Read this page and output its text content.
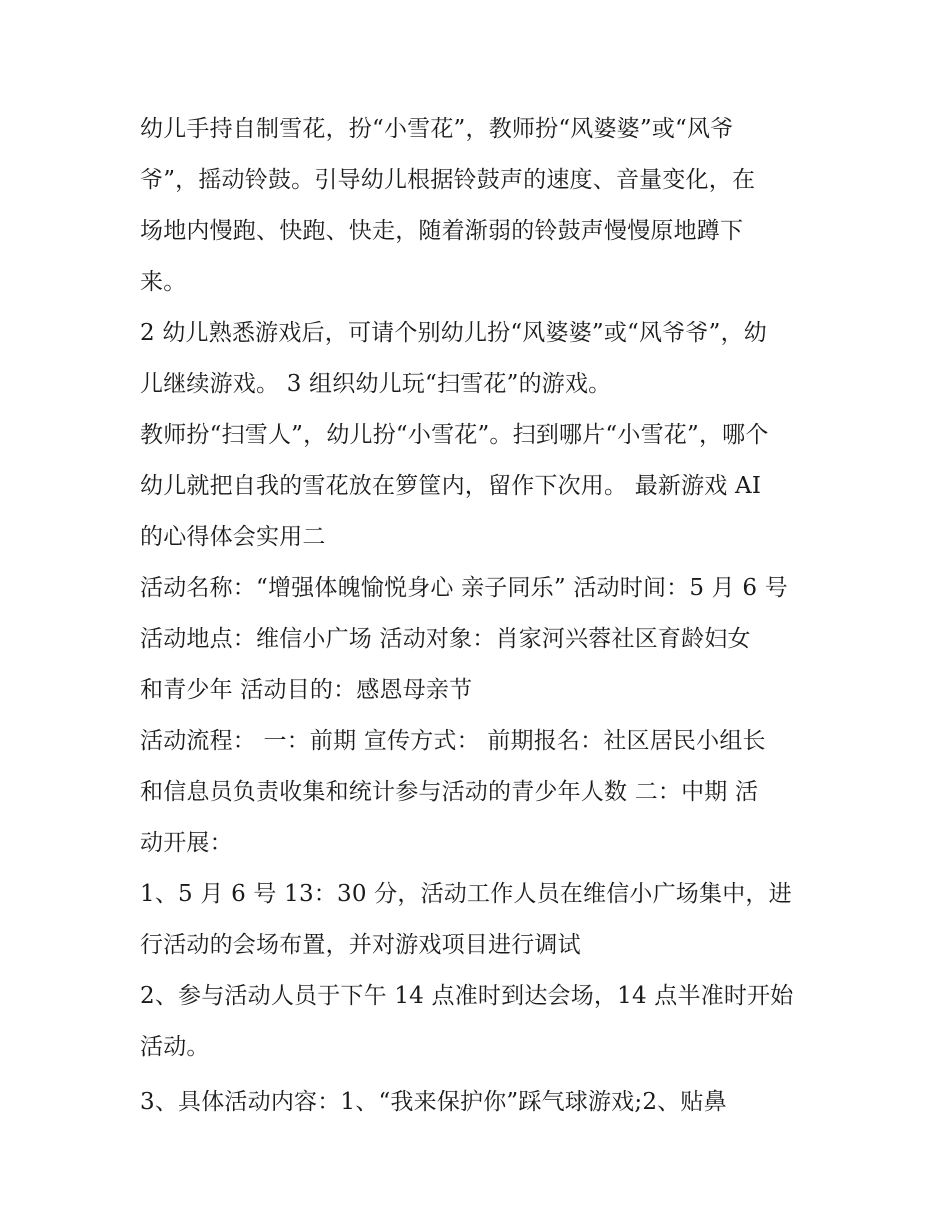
幼儿手持自制雪花，扮“小雪花”，教师扮“风婆婆”或“风爷
爷”，摇动铃鼓。引导幼儿根据铃鼓声的速度、音量变化，在
场地内慢跑、快跑、快走，随着渐弱的铃鼓声慢慢原地蹲下
来。
2 幼儿熟悉游戏后，可请个别幼儿扮“风婆婆”或“风爷爷”，幼
儿继续游戏。 3 组织幼儿玩“扫雪花”的游戏。
教师扮“扫雪人”，幼儿扮“小雪花”。扫到哪片“小雪花”，哪个
幼儿就把自我的雪花放在箩筐内，留作下次用。 最新游戏 AI
的心得体会实用二
活动名称：“增强体魄愉悦身心 亲子同乐” 活动时间：5 月 6 号
活动地点：维信小广场 活动对象：肖家河兴蓉社区育龄妇女
和青少年 活动目的：感恩母亲节
活动流程： 一：前期 宣传方式： 前期报名：社区居民小组长
和信息员负责收集和统计参与活动的青少年人数 二：中期 活
动开展：
1、5 月 6 号 13：30 分，活动工作人员在维信小广场集中，进
行活动的会场布置，并对游戏项目进行调试
2、参与活动人员于下午 14 点准时到达会场，14 点半准时开始
活动。
3、具体活动内容：1、“我来保护你”踩气球游戏;2、贴鼻
